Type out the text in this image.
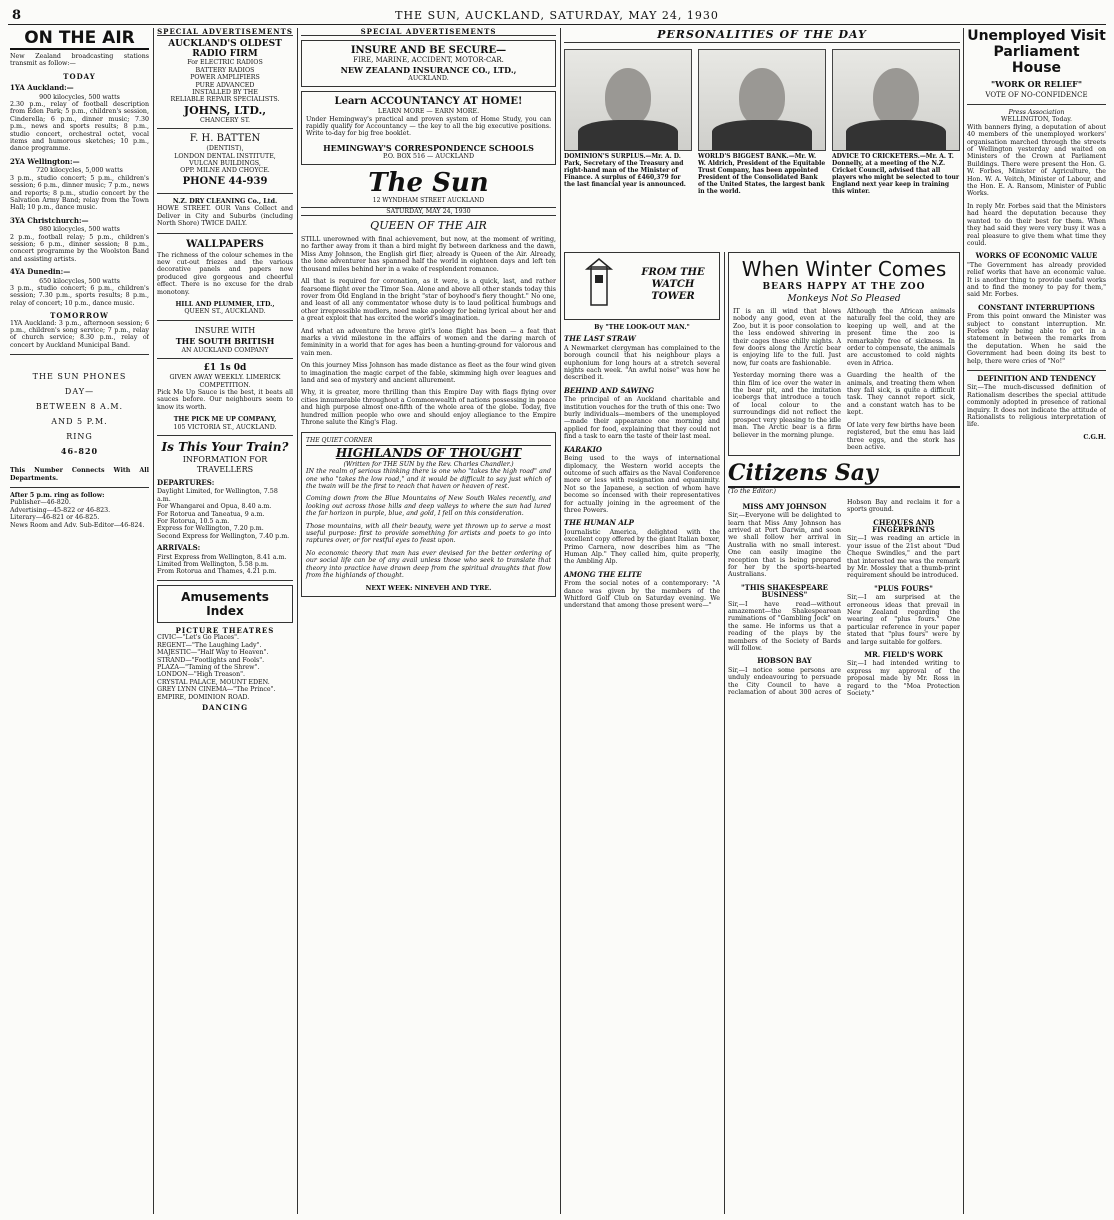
8	THE SUN, AUCKLAND, SATURDAY, MAY 24, 1930
ON THE AIR

New Zealand broadcasting stations transmit as follow:—

TODAY
1YA Auckland:—
900 kilocycles, 500 watts

2.30 p.m., relay of football description from Eden Park; 5 p.m., children's session, Cinderella; 6 p.m., dinner music; 7.30 p.m., news and sports results; 8 p.m., studio concert, orchestral octet, vocal items and humorous sketches; 10 p.m., dance programme.

2YA Wellington:—
720 kilocycles, 5,000 watts

3 p.m., studio concert; 5 p.m., children's session; 6 p.m., dinner music; 7 p.m., news and reports; 8 p.m., studio concert by the Salvation Army Band; relay from the Town Hall; 10 p.m., dance music.

3YA Christchurch:—
980 kilocycles, 500 watts

2 p.m., football relay; 5 p.m., children's session; 6 p.m., dinner session; 8 p.m., concert programme by the Woolston Band and assisting artists.

4YA Dunedin:—
650 kilocycles, 500 watts

3 p.m., studio concert; 6 p.m., children's session; 7.30 p.m., sports results; 8 p.m., relay of concert; 10 p.m., dance music.

TOMORROW

1YA Auckland: 3 p.m., afternoon session; 6 p.m., children's song service; 7 p.m., relay of church service; 8.30 p.m., relay of concert by Auckland Municipal Band.

THE SUN PHONES
DAY—
BETWEEN 8 A.M.
AND 5 P.M.
RING
46-820

This Number Connects With All Departments.

After 5 p.m. ring as follow:
Publisher—46-820.
Advertising—45-822 or 46-823.
Literary—46-821 or 46-825.
News Room and Adv. Sub-Editor—46-824.
SPECIAL ADVERTISEMENTS
AUCKLAND'S OLDEST RADIO FIRM
For ELECTRIC RADIOS
BATTERY RADIOS
POWER AMPLIFIERS
PURE ADVANCED
INSTALLED BY THE
RELIABLE REPAIR SPECIALISTS.
JOHNS, LTD.,
CHANCERY ST.
F. H. BATTEN
(DENTIST),
LONDON DENTAL INSTITUTE,
VULCAN BUILDINGS,
OPP. MILNE AND CHOYCE.
PHONE 44-939
N.Z. DRY CLEANING Co., Ltd.

HOWE STREET. OUR Vans Collect and Deliver in City and Suburbs (including North Shore) TWICE DAILY.

WALLPAPERS

The richness of the colour schemes in the new cut-out friezes and the various decorative panels and papers now produced give gorgeous and cheerful effect. There is no excuse for the drab monotony.

HILL AND PLUMMER, LTD.,
QUEEN ST., AUCKLAND.
INSURE WITH
THE SOUTH BRITISH
AN AUCKLAND COMPANY
£1 1s 0d
GIVEN AWAY WEEKLY. LIMERICK COMPETITION.

Pick Me Up Sauce is the best, it beats all sauces before. Our neighbours seem to know its worth.

THE PICK ME UP COMPANY,
105 VICTORIA ST., AUCKLAND.
Is This Your Train?
INFORMATION FOR TRAVELLERS
DEPARTURES:
Daylight Limited, for Wellington, 7.58 a.m.
For Whangarei and Opua, 8.40 a.m.
For Rotorua and Taneatua, 9 a.m.
For Rotorua, 10.5 a.m.
Express for Wellington, 7.20 p.m.
Second Express for Wellington, 7.40 p.m.
ARRIVALS:
First Express from Wellington, 8.41 a.m.
Limited from Wellington, 5.58 p.m.
From Rotorua and Thames, 4.21 p.m.
Amusements Index
PICTURE THEATRES
CIVIC—"Let's Go Places".
REGENT—"The Laughing Lady".
MAJESTIC—"Half Way to Heaven".
STRAND—"Footlights and Fools".
PLAZA—"Taming of the Shrew".
LONDON—"High Treason".
CRYSTAL PALACE, MOUNT EDEN.
GREY LYNN CINEMA—"The Prince".
EMPIRE, DOMINION ROAD.
DANCING
SPECIAL ADVERTISEMENTS
INSURE AND BE SECURE—
FIRE, MARINE, ACCIDENT, MOTOR-CAR.
NEW ZEALAND INSURANCE CO., LTD.,
AUCKLAND.
Learn ACCOUNTANCY AT HOME!
LEARN MORE — EARN MORE.

Under Hemingway's practical and proven system of Home Study, you can rapidly qualify for Accountancy — the key to all the big executive positions. Write to-day for big free booklet.

HEMINGWAY'S CORRESPONDENCE SCHOOLS
P.O. BOX 516 — AUCKLAND
The Sun
12 WYNDHAM STREET AUCKLAND
SATURDAY, MAY 24, 1930
QUEEN OF THE AIR

STILL unerowned with final achievement, but now, at the moment of writing, no farther away from it than a bird might fly between darkness and the dawn, Miss Amy Johnson, the English girl flier, already is Queen of the Air. Already, the lone adventurer has spanned half the world in eighteen days and left ten thousand miles behind her in a wake of resplendent romance.

All that is required for coronation, as it were, is a quick, last, and rather fearsome flight over the Timor Sea. Alone and above all other stands today this rover from Old England in the bright "star of boyhood's fiery thought." No one, and least of all any commentator whose duty is to laud political humbugs and other irrepressible mudlers, need make apology for being lyrical about her and a great exploit that has excited the world's imagination.

And what an adventure the brave girl's lone flight has been — a feat that marks a vivid milestone in the affairs of women and the daring march of femininity in a world that for ages has been a hunting-ground for valorous and vain men.

On this journey Miss Johnson has made distance as fleet as the four wind given to imagination the magic carpet of the fable, skimming high over leagues and land and sea of mystery and ancient allurement.

Why, it is greater, more thrilling than this Empire Day with flags flying over cities innumerable throughout a Commonwealth of nations possessing in peace and high purpose almost one-fifth of the whole area of the globe. Today, five hundred million people who owe and should enjoy allegiance to the Empire Throne salute the King's Flag.

THE QUIET CORNER
HIGHLANDS OF THOUGHT
(Written for THE SUN by the Rev. Charles Chandler.)

IN the realm of serious thinking there is one who "takes the high road" and one who "takes the low road," and it would be difficult to say just which of the twain will be the first to reach that haven or heaven of rest.

Coming down from the Blue Mountains of New South Wales recently, and looking out across those hills and deep valleys to where the sun had lured the far horizon in purple, blue, and gold, I fell on this consideration.

Those mountains, with all their beauty, were yet thrown up to serve a most useful purpose: first to provide something for artists and poets to go into raptures over, or for restful eyes to feast upon.

No economic theory that man has ever devised for the better ordering of our social life can be of any avail unless those who seek to translate that theory into practice have drawn deep from the spiritual draughts that flow from the highlands of thought.

NEXT WEEK: NINEVEH AND TYRE.
PERSONALITIES OF THE DAY
DOMINION'S SURPLUS.—Mr. A. D. Park, Secretary of the Treasury and right-hand man of the Minister of Finance. A surplus of £460,379 for the last financial year is announced.
WORLD'S BIGGEST BANK.—Mr. W. W. Aldrich, President of the Equitable Trust Company, has been appointed President of the Consolidated Bank of the United States, the largest bank in the world.
ADVICE TO CRICKETERS.—Mr. A. T. Donnelly, at a meeting of the N.Z. Cricket Council, advised that all players who might be selected to tour England next year keep in training this winter.
FROM THE WATCH TOWER
By "THE LOOK-OUT MAN."
THE LAST STRAW

A Newmarket clergyman has complained to the borough council that his neighbour plays a euphonium for long hours at a stretch several nights each week. "An awful noise" was how he described it.

BEHIND AND SAWING

The principal of an Auckland charitable and institution vouches for the truth of this one: Two burly individuals—members of the unemployed—made their appearance one morning and applied for food, explaining that they could not find a task to earn the taste of their last meal.

KARAKIO

Being used to the ways of international diplomacy, the Western world accepts the outcome of such affairs as the Naval Conference more or less with resignation and equanimity. Not so the Japanese, a section of whom have become so incensed with their representatives for actually joining in the agreement of the three Powers.

THE HUMAN ALP

Journalistic America, delighted with the excellent copy offered by the giant Italian boxer, Primo Carnera, now describes him as "The Human Alp." They called him, quite properly, the Ambling Alp.

AMONG THE ELITE

From the social notes of a contemporary: "A dance was given by the members of the Whitford Golf Club on Saturday evening. We understand that among those present were—"

When Winter Comes
BEARS HAPPY AT THE ZOO
Monkeys Not So Pleased

IT is an ill wind that blows nobody any good, even at the Zoo, but it is poor consolation to the less endowed shivering in their cages these chilly nights. A few doors along the Arctic bear is enjoying life to the full. Just now, fur coats are fashionable.

Yesterday morning there was a thin film of ice over the water in the bear pit, and the imitation icebergs that introduce a touch of local colour to the surroundings did not reflect the prospect very pleasing to the idle man. The Arctic bear is a firm believer in the morning plunge.

Although the African animals naturally feel the cold, they are keeping up well, and at the present time the zoo is remarkably free of sickness. In order to compensate, the animals are accustomed to cold nights even in Africa.

Guarding the health of the animals, and treating them when they fall sick, is quite a difficult task. They cannot report sick, and a constant watch has to be kept.

Of late very few births have been registered, but the emu has laid three eggs, and the stork has been active.

Citizens Say
(To the Editor.)
MISS AMY JOHNSON

Sir,—Everyone will be delighted to learn that Miss Amy Johnson has arrived at Port Darwin, and soon we shall follow her arrival in Australia with no small interest. One can easily imagine the reception that is being prepared for her by the sports-hearted Australians.

"THIS SHAKESPEARE BUSINESS"

Sir,—I have read—without amazement—the Shakespearean ruminations of "Gambling Jock" on the same. He informs us that a reading of the plays by the members of the Society of Bards will follow.

HOBSON BAY

Sir,—I notice some persons are unduly endeavouring to persuade the City Council to have a reclamation of about 300 acres of Hobson Bay and reclaim it for a sports ground.

CHEQUES AND FINGERPRINTS

Sir,—I was reading an article in your issue of the 21st about "Dud Cheque Swindles," and the part that interested me was the remark by Mr. Mossley that a thumb-print requirement should be introduced.

"PLUS FOURS"

Sir,—I am surprised at the erroneous ideas that prevail in New Zealand regarding the wearing of "plus fours." One particular reference in your paper stated that "plus fours" were by and large suitable for golfers.

MR. FIELD'S WORK

Sir,—I had intended writing to express my approval of the proposal made by Mr. Ross in regard to the "Moa Protection Society."

Unemployed Visit
Parliament House
"WORK OR RELIEF"
VOTE OF NO-CONFIDENCE
Press Association
WELLINGTON, Today.

With banners flying, a deputation of about 40 members of the unemployed workers' organisation marched through the streets of Wellington yesterday and waited on Ministers of the Crown at Parliament Buildings. There were present the Hon. G. W. Forbes, Minister of Agriculture, the Hon. W. A. Veitch, Minister of Labour, and the Hon. E. A. Ransom, Minister of Public Works.

In reply Mr. Forbes said that the Ministers had heard the deputation because they wanted to do their best for them. When they had said they were very busy it was a real pleasure to give them what time they could.

WORKS OF ECONOMIC VALUE

"The Government has already provided relief works that have an economic value. It is another thing to provide useful works and to find the money to pay for them," said Mr. Forbes.

CONSTANT INTERRUPTIONS

From this point onward the Minister was subject to constant interruption. Mr. Forbes only being able to get in a statement in between the remarks from the deputation. When he said the Government had been doing its best to help, there were cries of "No!"

DEFINITION AND TENDENCY

Sir,—The much-discussed definition of Rationalism describes the special attitude commonly adopted in presence of rational inquiry. It does not indicate the attitude of Rationalists to religious interpretation of life.

C.G.H.
